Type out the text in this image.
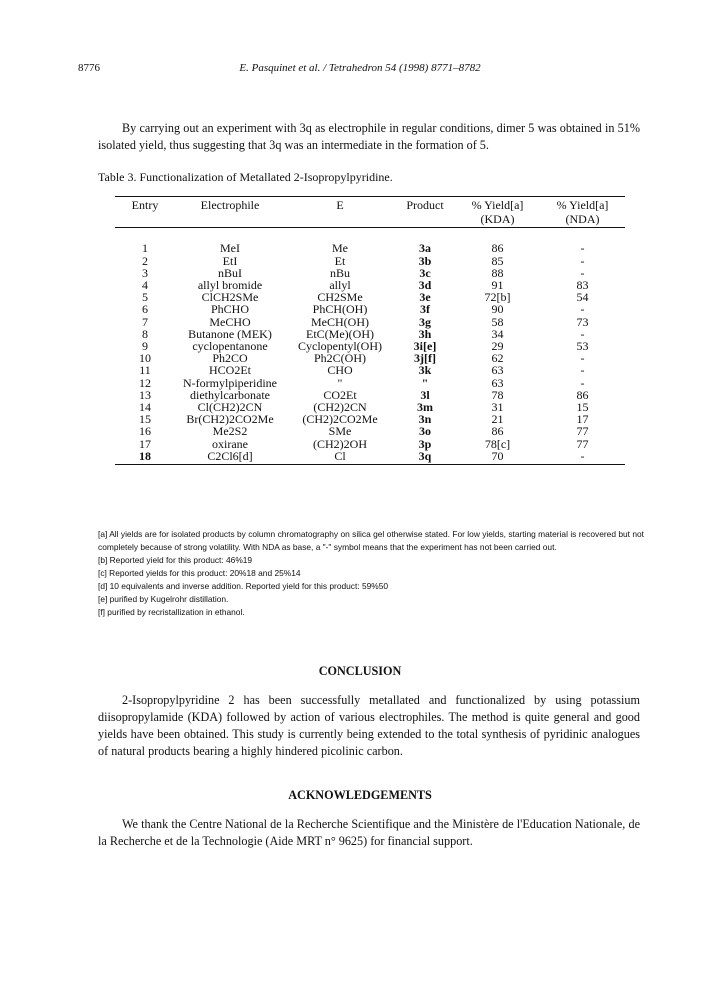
8776	E. Pasquinet et al. / Tetrahedron 54 (1998) 8771–8782
By carrying out an experiment with 3q as electrophile in regular conditions, dimer 5 was obtained in 51% isolated yield, thus suggesting that 3q was an intermediate in the formation of 5.
Table 3. Functionalization of Metallated 2-Isopropylpyridine.
Entry	Electrophile	E	Product	% Yield[a]	% Yield[a]
				(KDA)	(NDA)

1	MeI	Me	3a	86	-
2	EtI	Et	3b	85	-
3	nBuI	nBu	3c	88	-
4	allyl bromide	allyl	3d	91	83
5	ClCH2SMe	CH2SMe	3e	72[b]	54
6	PhCHO	PhCH(OH)	3f	90	-
7	MeCHO	MeCH(OH)	3g	58	73
8	Butanone (MEK)	EtC(Me)(OH)	3h	34	-
9	cyclopentanone	Cyclopentyl(OH)	3i[e]	29	53
10	Ph2CO	Ph2C(OH)	3j[f]	62	-
11	HCO2Et	CHO	3k	63	-
12	N-formylpiperidine	"	"	63	-
13	diethylcarbonate	CO2Et	3l	78	86
14	Cl(CH2)2CN	(CH2)2CN	3m	31	15
15	Br(CH2)2CO2Me	(CH2)2CO2Me	3n	21	17
16	Me2S2	SMe	3o	86	77
17	oxirane	(CH2)2OH	3p	78[c]	77
18	C2Cl6[d]	Cl	3q	70	-

[a] All yields are for isolated products by column chromatography on silica gel otherwise stated. For low yields, starting material is recovered but not completely because of strong volatility. With NDA as base, a "-" symbol means that the experiment has not been carried out.

[b] Reported yield for this product: 46%19

[c] Reported yields for this product: 20%18 and 25%14

[d] 10 equivalents and inverse addition. Reported yield for this product: 59%50

[e] purified by Kugelrohr distillation.

[f] purified by recristallization in ethanol.

CONCLUSION
2-Isopropylpyridine 2 has been successfully metallated and functionalized by using potassium diisopropylamide (KDA) followed by action of various electrophiles. The method is quite general and good yields have been obtained. This study is currently being extended to the total synthesis of pyridinic analogues of natural products bearing a highly hindered picolinic carbon.
ACKNOWLEDGEMENTS
We thank the Centre National de la Recherche Scientifique and the Ministère de l'Education Nationale, de la Recherche et de la Technologie (Aide MRT n° 9625) for financial support.
